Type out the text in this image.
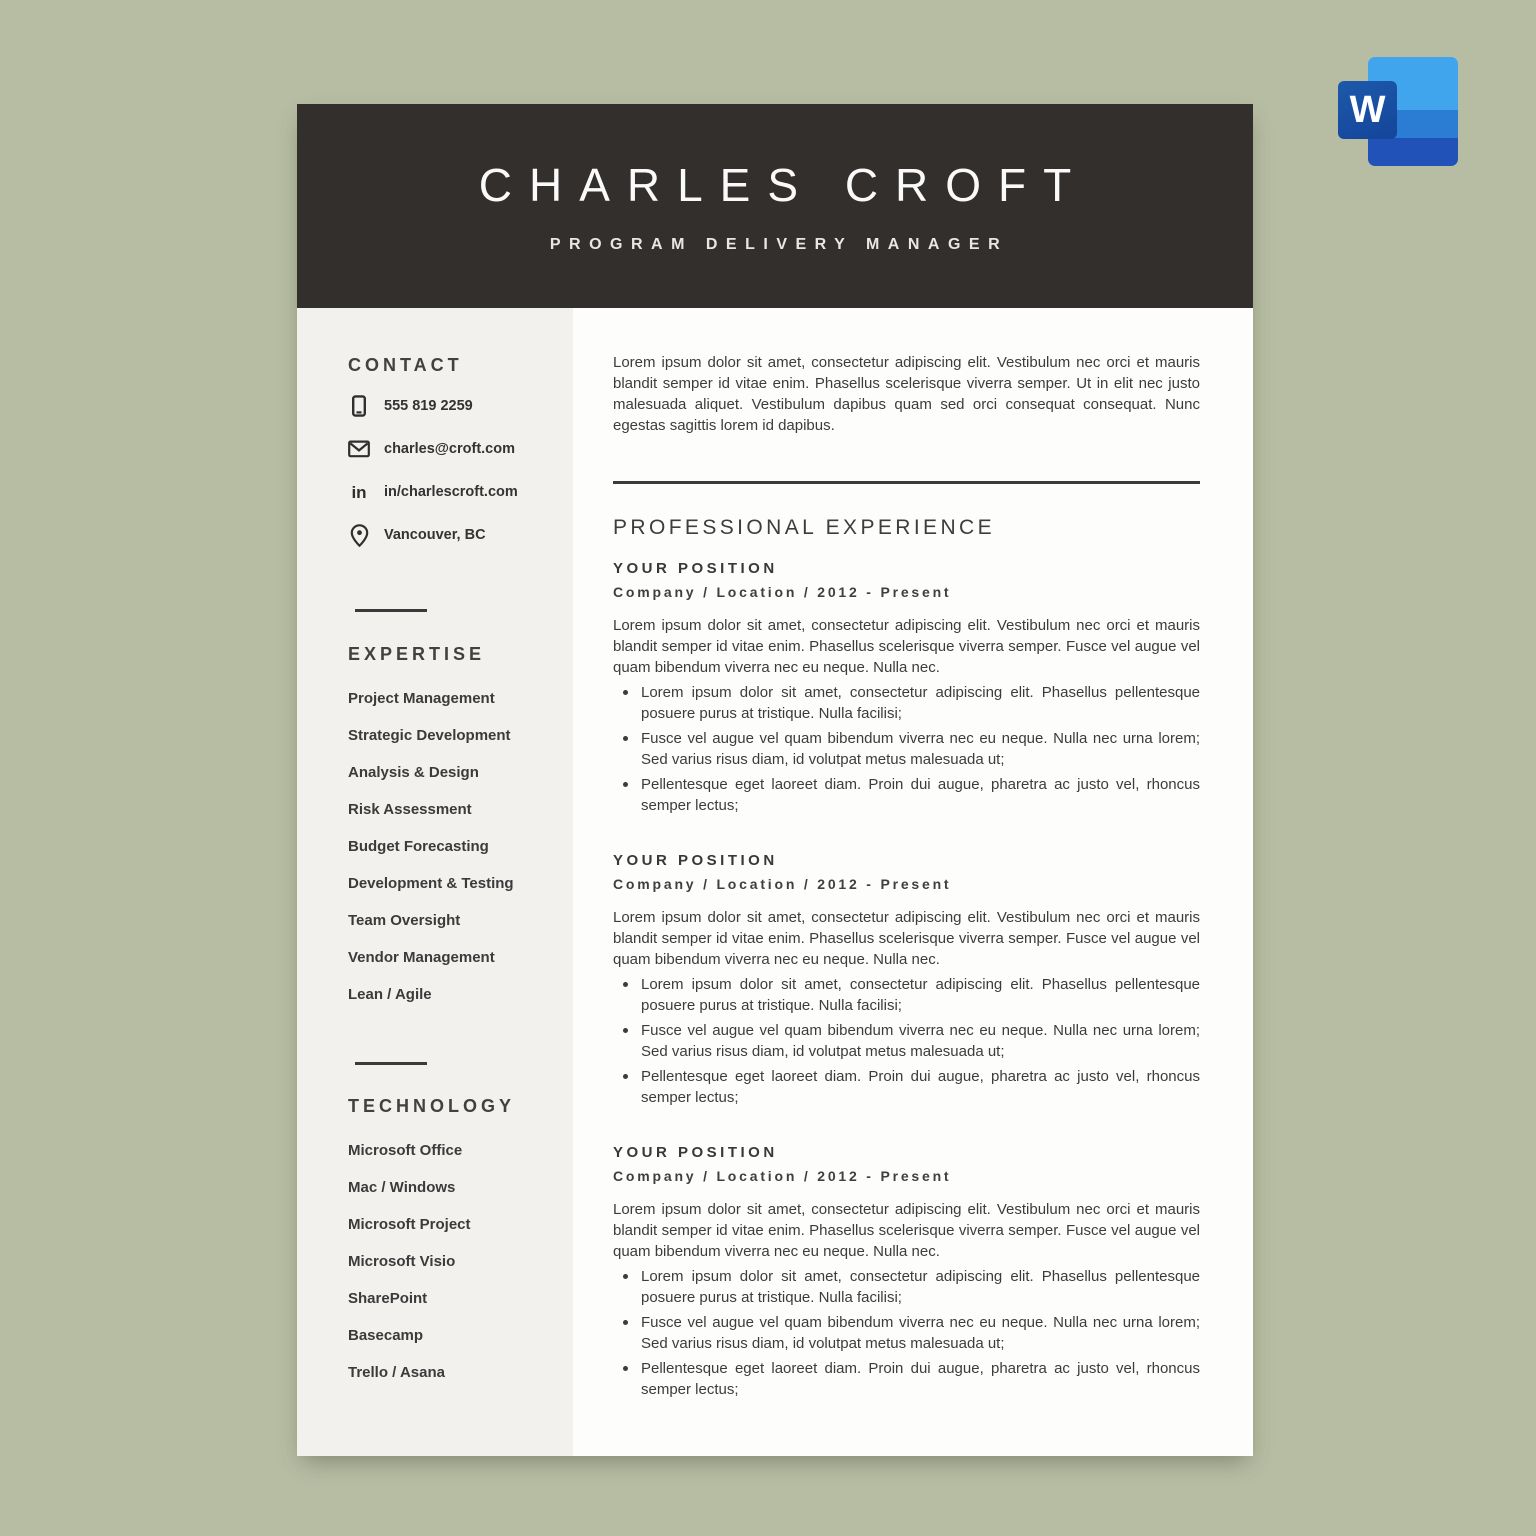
CHARLES CROFT
PROGRAM DELIVERY MANAGER
CONTACT
555 819 2259
charles@croft.com
in in/charlescroft.com
Vancouver, BC
EXPERTISE
Project Management
Strategic Development
Analysis & Design
Risk Assessment
Budget Forecasting
Development & Testing
Team Oversight
Vendor Management
Lean / Agile
TECHNOLOGY
Microsoft Office
Mac / Windows
Microsoft Project
Microsoft Visio
SharePoint
Basecamp
Trello / Asana
Lorem ipsum dolor sit amet, consectetur adipiscing elit. Vestibulum nec orci et mauris blandit semper id vitae enim. Phasellus scelerisque viverra semper. Ut in elit nec justo malesuada aliquet. Vestibulum dapibus quam sed orci consequat consequat. Nunc egestas sagittis lorem id dapibus.
PROFESSIONAL EXPERIENCE
YOUR POSITION
Company / Location / 2012 - Present
Lorem ipsum dolor sit amet, consectetur adipiscing elit. Vestibulum nec orci et mauris blandit semper id vitae enim. Phasellus scelerisque viverra semper. Fusce vel augue vel quam bibendum viverra nec eu neque. Nulla nec.
Lorem ipsum dolor sit amet, consectetur adipiscing elit. Phasellus pellentesque posuere purus at tristique. Nulla facilisi;
Fusce vel augue vel quam bibendum viverra nec eu neque. Nulla nec urna lorem; Sed varius risus diam, id volutpat metus malesuada ut;
Pellentesque eget laoreet diam. Proin dui augue, pharetra ac justo vel, rhoncus semper lectus;
YOUR POSITION
Company / Location / 2012 - Present
Lorem ipsum dolor sit amet, consectetur adipiscing elit. Vestibulum nec orci et mauris blandit semper id vitae enim. Phasellus scelerisque viverra semper. Fusce vel augue vel quam bibendum viverra nec eu neque. Nulla nec.
Lorem ipsum dolor sit amet, consectetur adipiscing elit. Phasellus pellentesque posuere purus at tristique. Nulla facilisi;
Fusce vel augue vel quam bibendum viverra nec eu neque. Nulla nec urna lorem; Sed varius risus diam, id volutpat metus malesuada ut;
Pellentesque eget laoreet diam. Proin dui augue, pharetra ac justo vel, rhoncus semper lectus;
YOUR POSITION
Company / Location / 2012 - Present
Lorem ipsum dolor sit amet, consectetur adipiscing elit. Vestibulum nec orci et mauris blandit semper id vitae enim. Phasellus scelerisque viverra semper. Fusce vel augue vel quam bibendum viverra nec eu neque. Nulla nec.
Lorem ipsum dolor sit amet, consectetur adipiscing elit. Phasellus pellentesque posuere purus at tristique. Nulla facilisi;
Fusce vel augue vel quam bibendum viverra nec eu neque. Nulla nec urna lorem; Sed varius risus diam, id volutpat metus malesuada ut;
Pellentesque eget laoreet diam. Proin dui augue, pharetra ac justo vel, rhoncus semper lectus;
W
